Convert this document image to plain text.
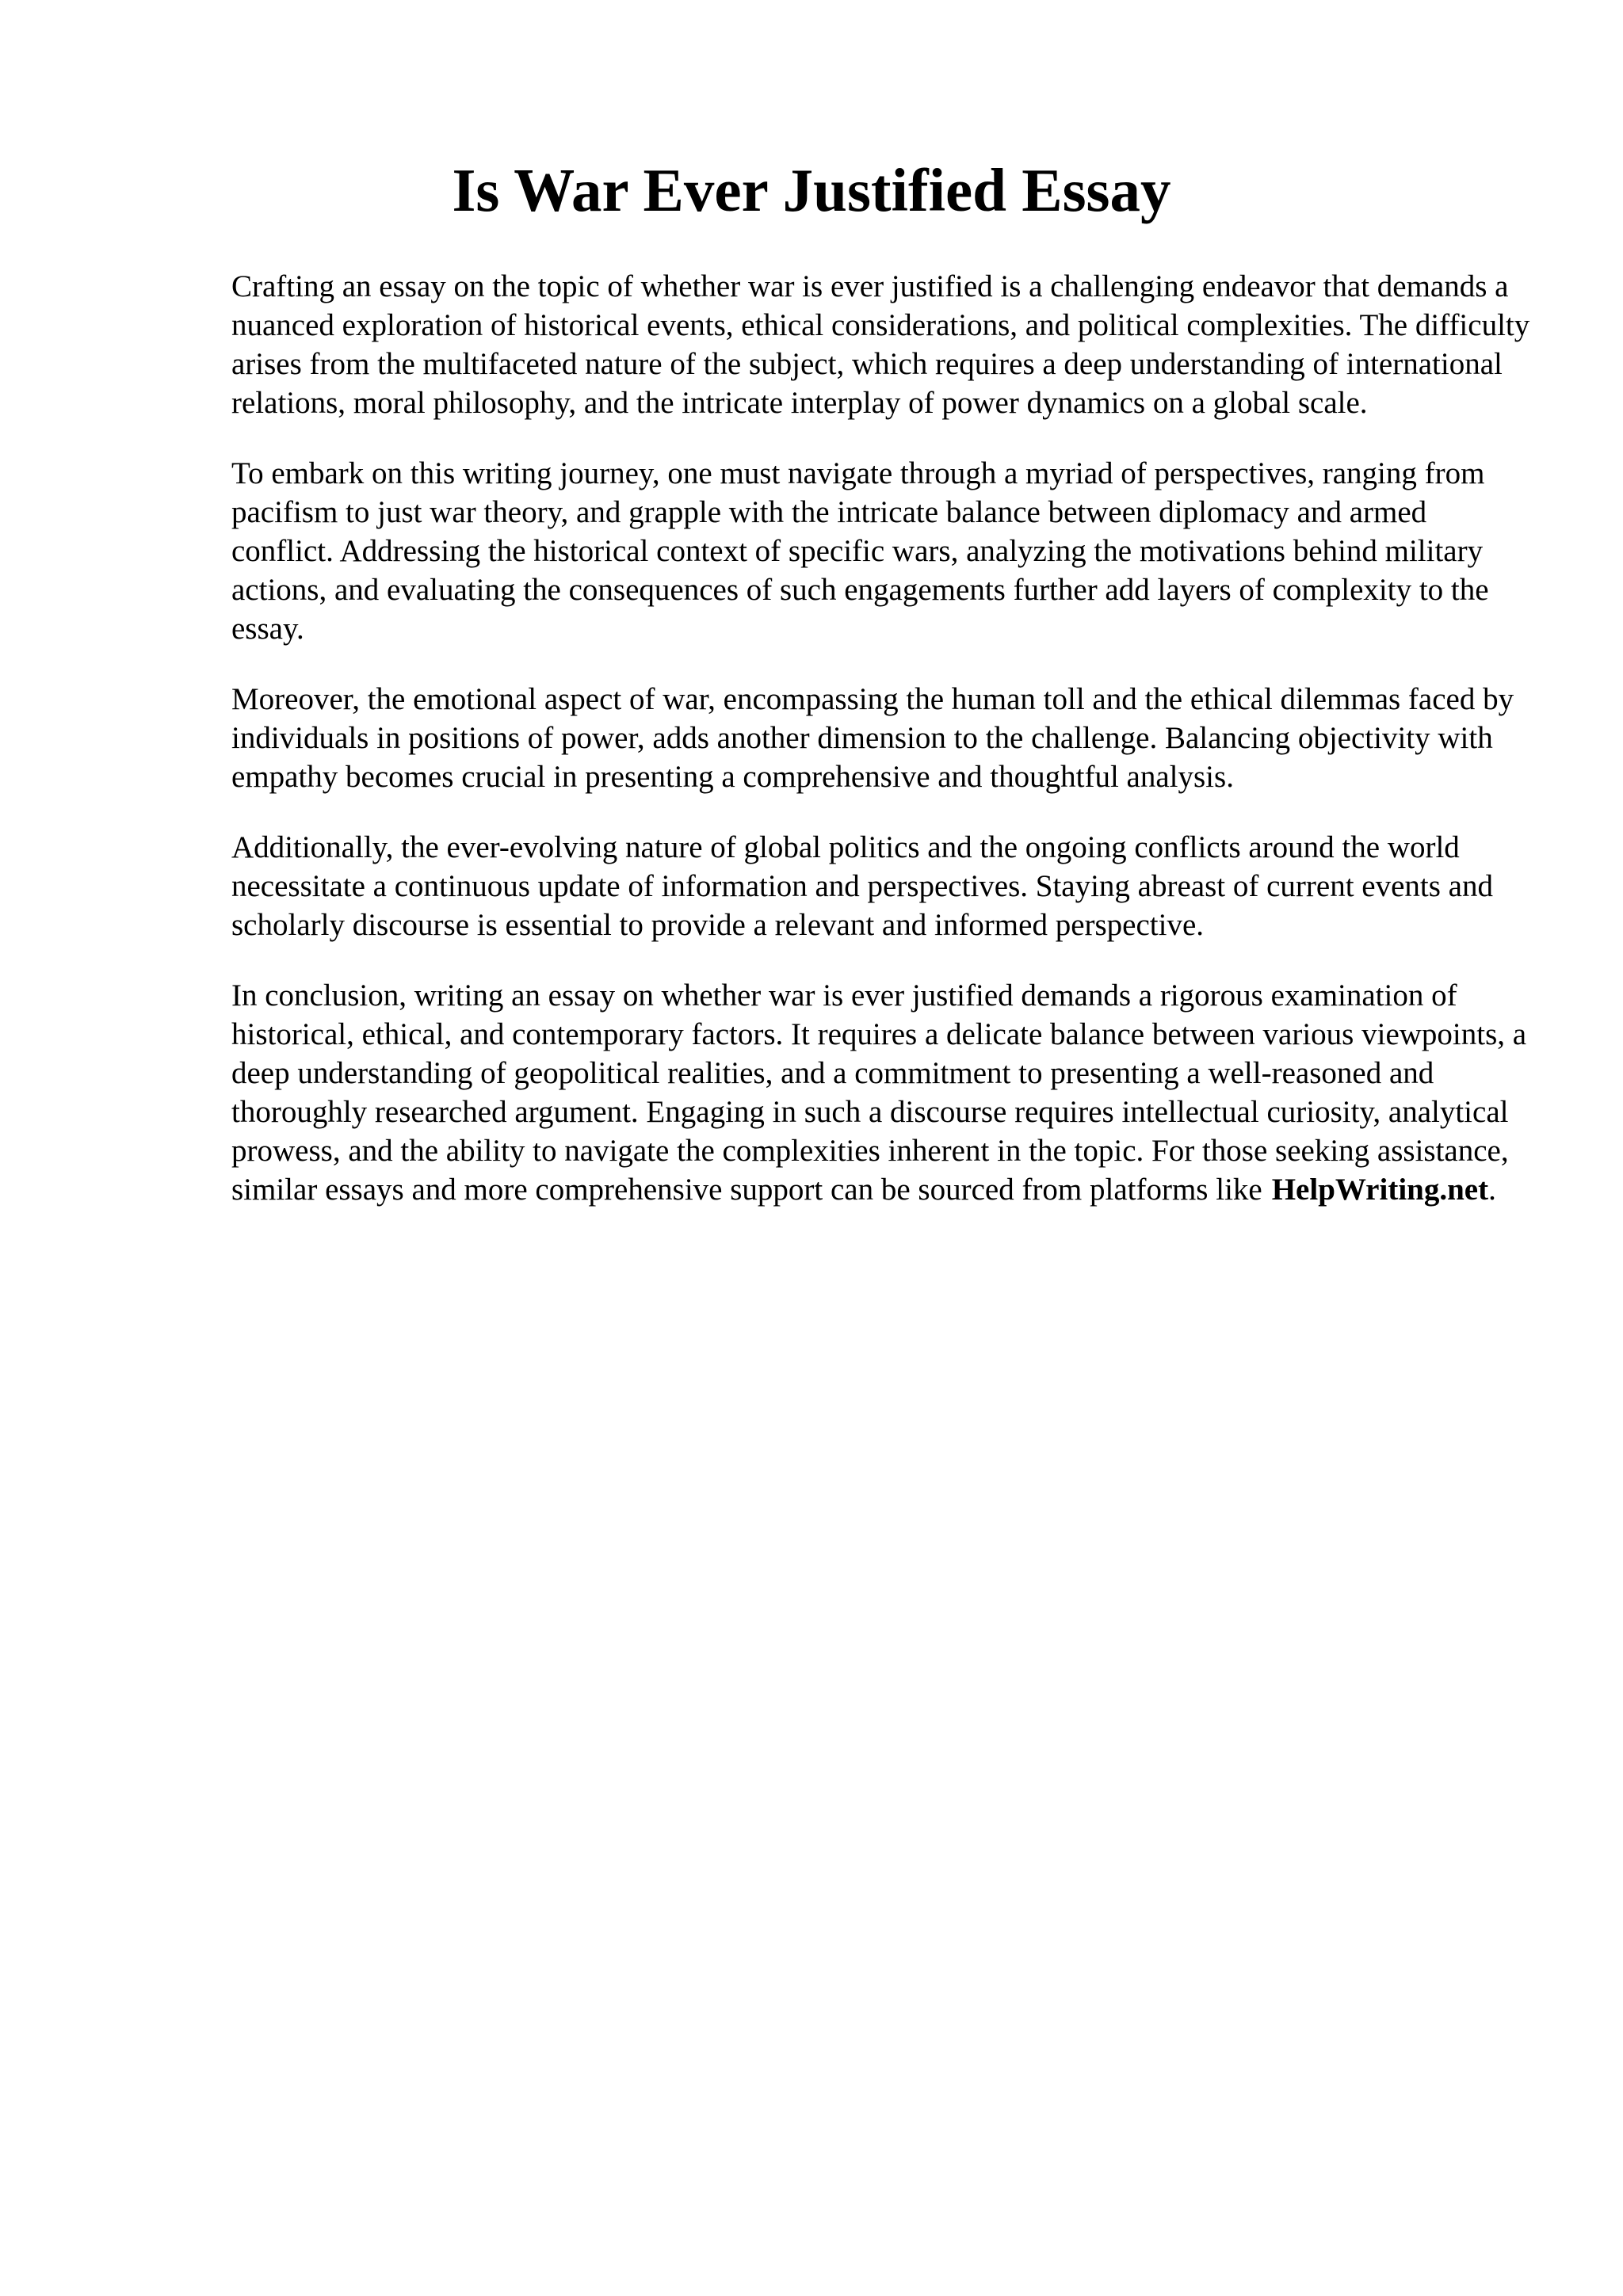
Is War Ever Justified Essay

Crafting an essay on the topic of whether war is ever justified is a challenging endeavor that demands a nuanced exploration of historical events, ethical considerations, and political complexities. The difficulty arises from the multifaceted nature of the subject, which requires a deep understanding of international relations, moral philosophy, and the intricate interplay of power dynamics on a global scale.

To embark on this writing journey, one must navigate through a myriad of perspectives, ranging from pacifism to just war theory, and grapple with the intricate balance between diplomacy and armed conflict. Addressing the historical context of specific wars, analyzing the motivations behind military actions, and evaluating the consequences of such engagements further add layers of complexity to the essay.

Moreover, the emotional aspect of war, encompassing the human toll and the ethical dilemmas faced by individuals in positions of power, adds another dimension to the challenge. Balancing objectivity with empathy becomes crucial in presenting a comprehensive and thoughtful analysis.

Additionally, the ever-evolving nature of global politics and the ongoing conflicts around the world necessitate a continuous update of information and perspectives. Staying abreast of current events and scholarly discourse is essential to provide a relevant and informed perspective.

In conclusion, writing an essay on whether war is ever justified demands a rigorous examination of historical, ethical, and contemporary factors. It requires a delicate balance between various viewpoints, a deep understanding of geopolitical realities, and a commitment to presenting a well-reasoned and thoroughly researched argument. Engaging in such a discourse requires intellectual curiosity, analytical prowess, and the ability to navigate the complexities inherent in the topic. For those seeking assistance, similar essays and more comprehensive support can be sourced from platforms like HelpWriting.net.
